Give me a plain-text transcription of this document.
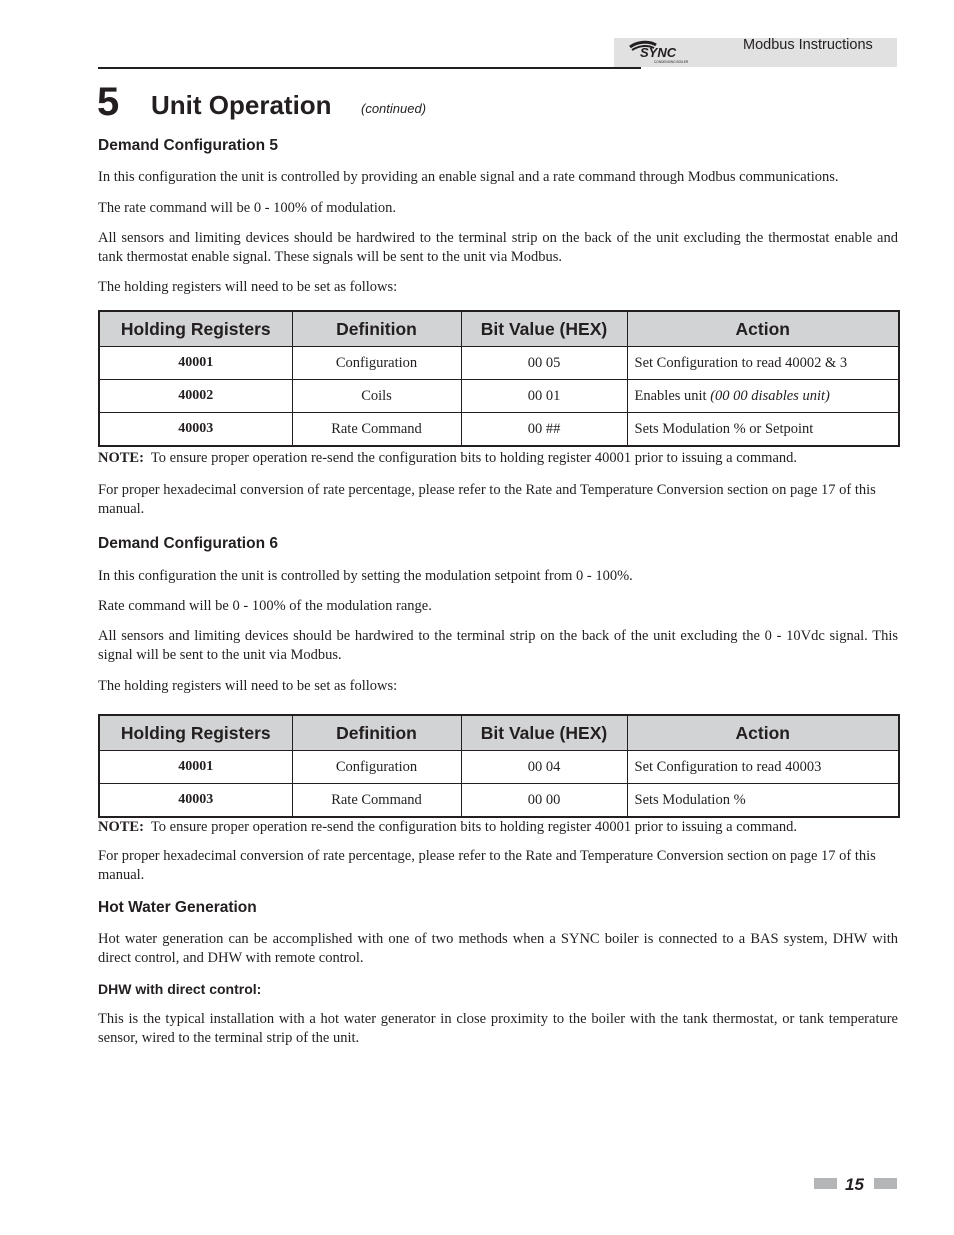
SYNC
CONDENSING BOILER
Modbus Instructions
5 Unit Operation (continued)
Demand Configuration 5

In this configuration the unit is controlled by providing an enable signal and a rate command through Modbus communications.

The rate command will be 0 - 100% of modulation.

All sensors and limiting devices should be hardwired to the terminal strip on the back of the unit excluding the thermostat enable and tank thermostat enable signal. These signals will be sent to the unit via Modbus.

The holding registers will need to be set as follows:

Holding Registers	Definition	Bit Value (HEX)	Action
40001	Configuration	00 05	Set Configuration to read 40002 & 3
40002	Coils	00 01	Enables unit (00 00 disables unit)
40003	Rate Command	00 ##	Sets Modulation % or Setpoint

NOTE: To ensure proper operation re-send the configuration bits to holding register 40001 prior to issuing a command.

For proper hexadecimal conversion of rate percentage, please refer to the Rate and Temperature Conversion section on page 17 of this manual.

Demand Configuration 6

In this configuration the unit is controlled by setting the modulation setpoint from 0 - 100%.

Rate command will be 0 - 100% of the modulation range.

All sensors and limiting devices should be hardwired to the terminal strip on the back of the unit excluding the 0 - 10Vdc signal. This signal will be sent to the unit via Modbus.

The holding registers will need to be set as follows:

Holding Registers	Definition	Bit Value (HEX)	Action
40001	Configuration	00 04	Set Configuration to read 40003
40003	Rate Command	00 00	Sets Modulation %

NOTE: To ensure proper operation re-send the configuration bits to holding register 40001 prior to issuing a command.

For proper hexadecimal conversion of rate percentage, please refer to the Rate and Temperature Conversion section on page 17 of this manual.

Hot Water Generation

Hot water generation can be accomplished with one of two methods when a SYNC boiler is connected to a BAS system, DHW with direct control, and DHW with remote control.

DHW with direct control:

This is the typical installation with a hot water generator in close proximity to the boiler with the tank thermostat, or tank temperature sensor, wired to the terminal strip of the unit.

15
